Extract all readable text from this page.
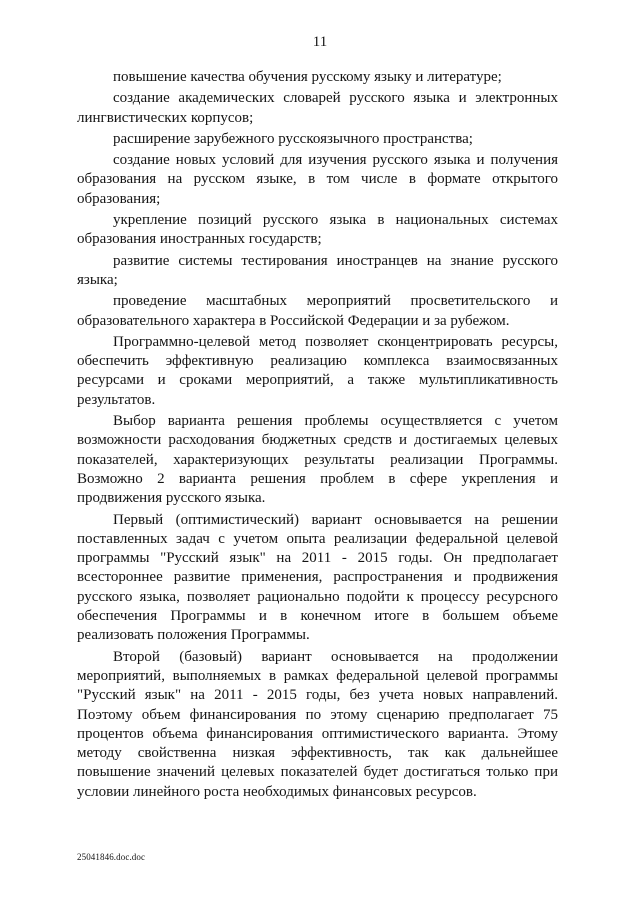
11

повышение качества обучения русскому языку и литературе;

создание академических словарей русского языка и электронных лингвистических корпусов;

расширение зарубежного русскоязычного пространства;

создание новых условий для изучения русского языка и получения образования на русском языке, в том числе в формате открытого образования;

укрепление позиций русского языка в национальных системах образования иностранных государств;

развитие системы тестирования иностранцев на знание русского языка;

проведение масштабных мероприятий просветительского и образовательного характера в Российской Федерации и за рубежом.

Программно-целевой метод позволяет сконцентрировать ресурсы, обеспечить эффективную реализацию комплекса взаимосвязанных ресурсами и сроками мероприятий, а также мультипликативность результатов.

Выбор варианта решения проблемы осуществляется с учетом возможности расходования бюджетных средств и достигаемых целевых показателей, характеризующих результаты реализации Программы. Возможно 2 варианта решения проблем в сфере укрепления и продвижения русского языка.

Первый (оптимистический) вариант основывается на решении поставленных задач с учетом опыта реализации федеральной целевой программы "Русский язык" на 2011 - 2015 годы. Он предполагает всестороннее развитие применения, распространения и продвижения русского языка, позволяет рационально подойти к процессу ресурсного обеспечения Программы и в конечном итоге в большем объеме реализовать положения Программы.

Второй (базовый) вариант основывается на продолжении мероприятий, выполняемых в рамках федеральной целевой программы "Русский язык" на 2011 - 2015 годы, без учета новых направлений. Поэтому объем финансирования по этому сценарию предполагает 75 процентов объема финансирования оптимистического варианта. Этому методу свойственна низкая эффективность, так как дальнейшее повышение значений целевых показателей будет достигаться только при условии линейного роста необходимых финансовых ресурсов.

25041846.doc.doc
